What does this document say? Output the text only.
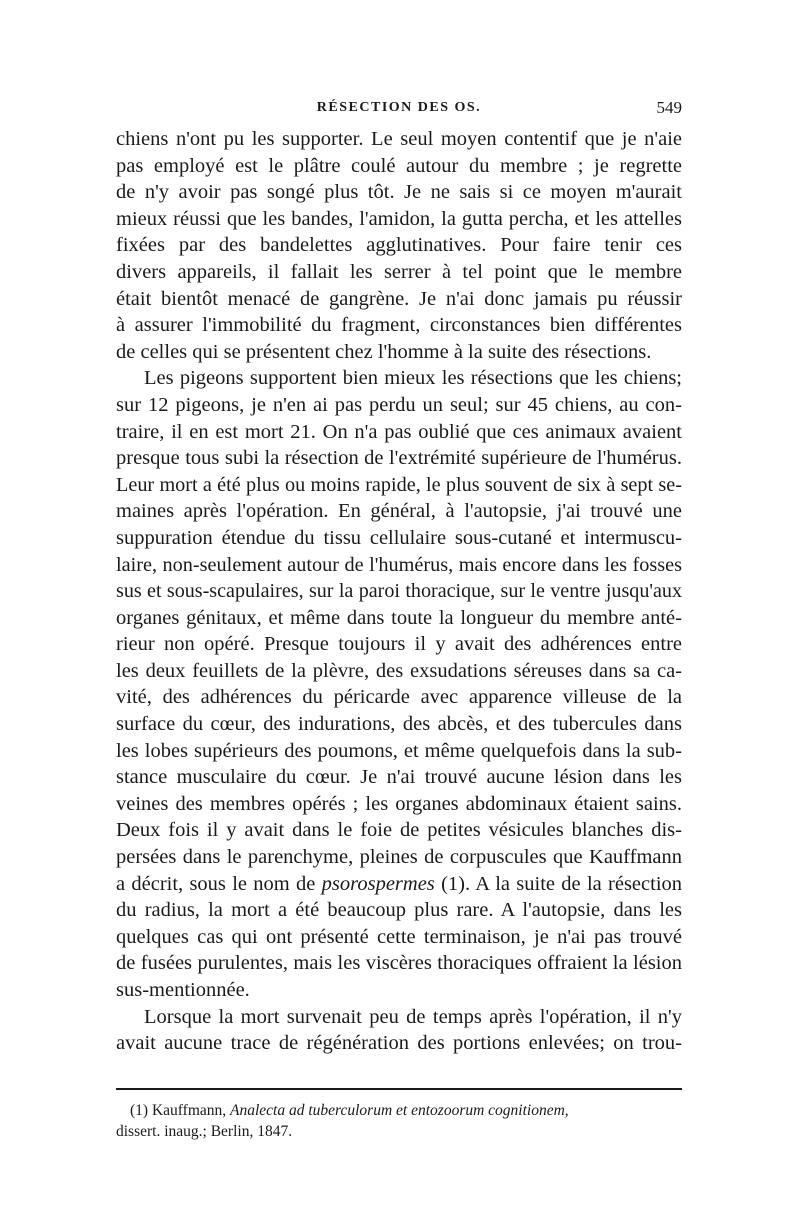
RÉSECTION DES OS.	549
chiens n'ont pu les supporter. Le seul moyen contentif que je n'aie
pas employé est le plâtre coulé autour du membre ; je regrette
de n'y avoir pas songé plus tôt. Je ne sais si ce moyen m'aurait
mieux réussi que les bandes, l'amidon, la gutta percha, et les attelles
fixées par des bandelettes agglutinatives. Pour faire tenir ces
divers appareils, il fallait les serrer à tel point que le membre
était bientôt menacé de gangrène. Je n'ai donc jamais pu réussir
à assurer l'immobilité du fragment, circonstances bien différentes
de celles qui se présentent chez l'homme à la suite des résections.
Les pigeons supportent bien mieux les résections que les chiens;
sur 12 pigeons, je n'en ai pas perdu un seul; sur 45 chiens, au con-
traire, il en est mort 21. On n'a pas oublié que ces animaux avaient
presque tous subi la résection de l'extrémité supérieure de l'humérus.
Leur mort a été plus ou moins rapide, le plus souvent de six à sept se-
maines après l'opération. En général, à l'autopsie, j'ai trouvé une
suppuration étendue du tissu cellulaire sous-cutané et intermuscu-
laire, non-seulement autour de l'humérus, mais encore dans les fosses
sus et sous-scapulaires, sur la paroi thoracique, sur le ventre jusqu'aux
organes génitaux, et même dans toute la longueur du membre anté-
rieur non opéré. Presque toujours il y avait des adhérences entre
les deux feuillets de la plèvre, des exsudations séreuses dans sa ca-
vité, des adhérences du péricarde avec apparence villeuse de la
surface du cœur, des indurations, des abcès, et des tubercules dans
les lobes supérieurs des poumons, et même quelquefois dans la sub-
stance musculaire du cœur. Je n'ai trouvé aucune lésion dans les
veines des membres opérés ; les organes abdominaux étaient sains.
Deux fois il y avait dans le foie de petites vésicules blanches dis-
persées dans le parenchyme, pleines de corpuscules que Kauffmann
a décrit, sous le nom de psorospermes (1). A la suite de la résection
du radius, la mort a été beaucoup plus rare. A l'autopsie, dans les
quelques cas qui ont présenté cette terminaison, je n'ai pas trouvé
de fusées purulentes, mais les viscères thoraciques offraient la lésion
sus-mentionnée.
Lorsque la mort survenait peu de temps après l'opération, il n'y
avait aucune trace de régénération des portions enlevées; on trou-
(1) Kauffmann, Analecta ad tuberculorum et entozoorum cognitionem,
dissert. inaug.; Berlin, 1847.
